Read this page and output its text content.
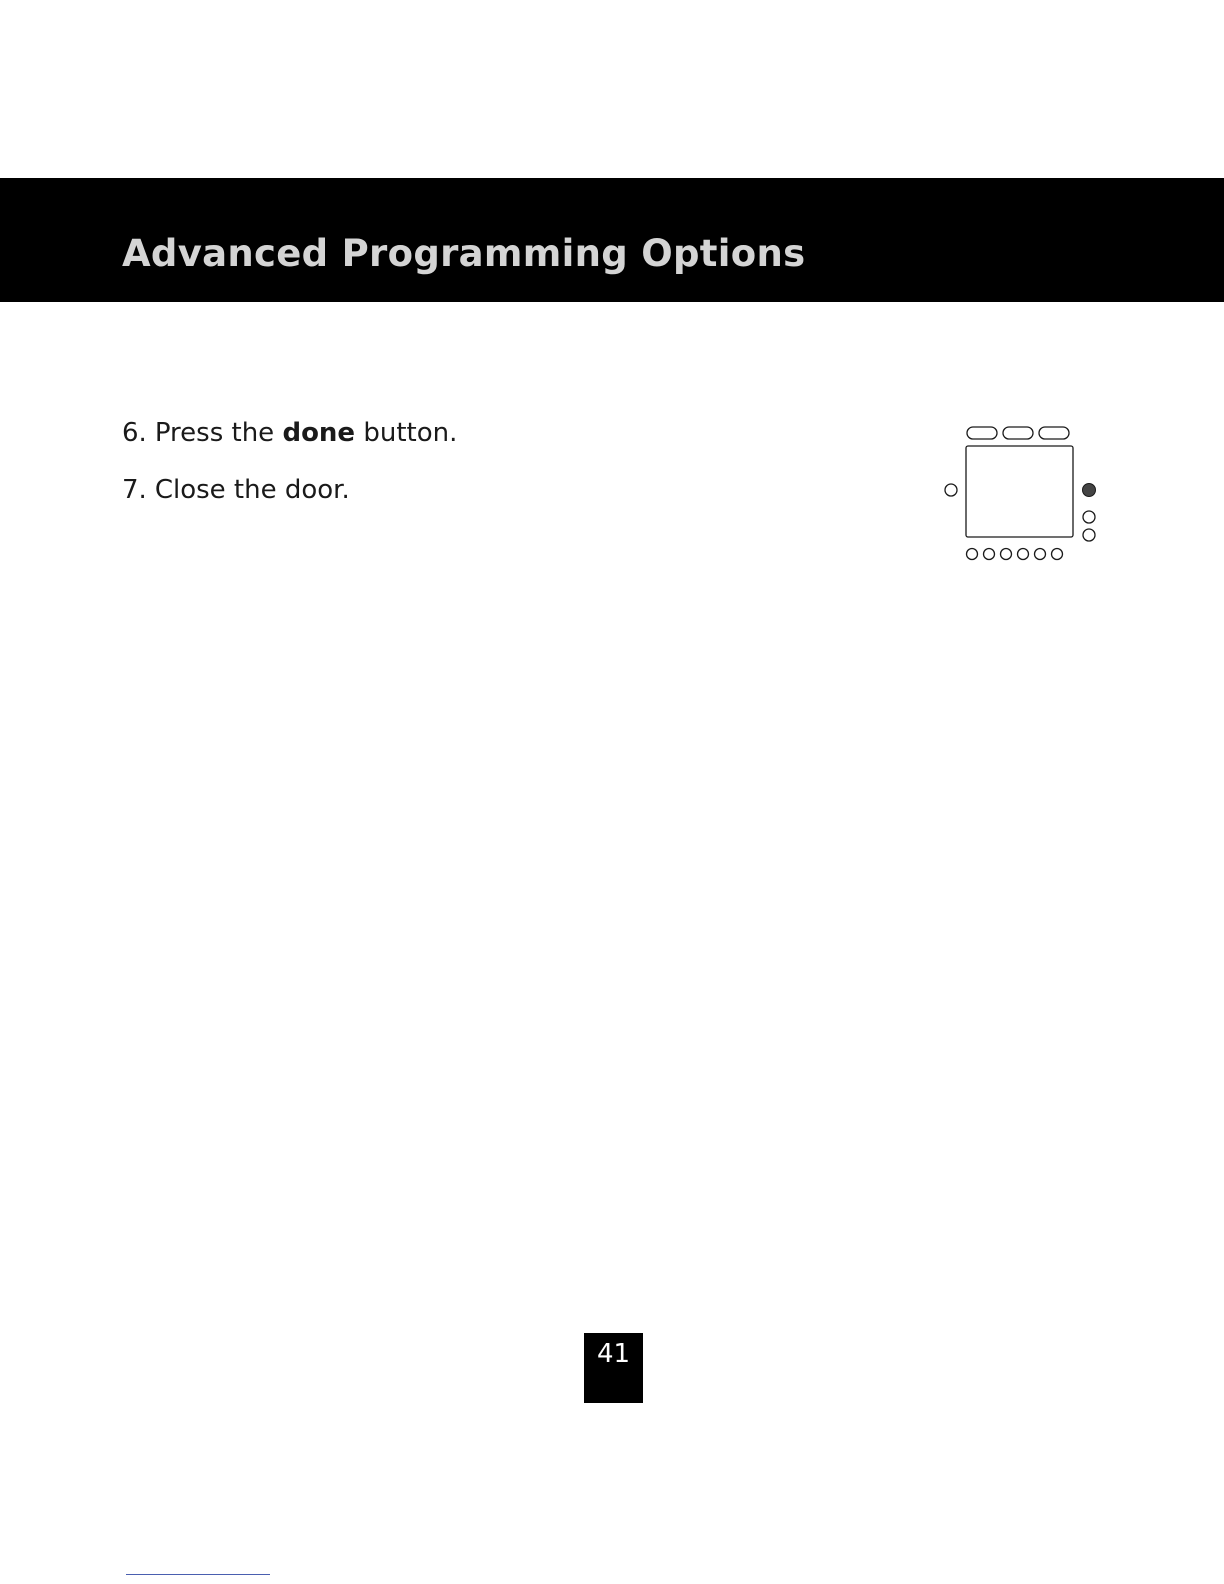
Advanced Programming Options
6. Press the done button.
7. Close the door.
41
